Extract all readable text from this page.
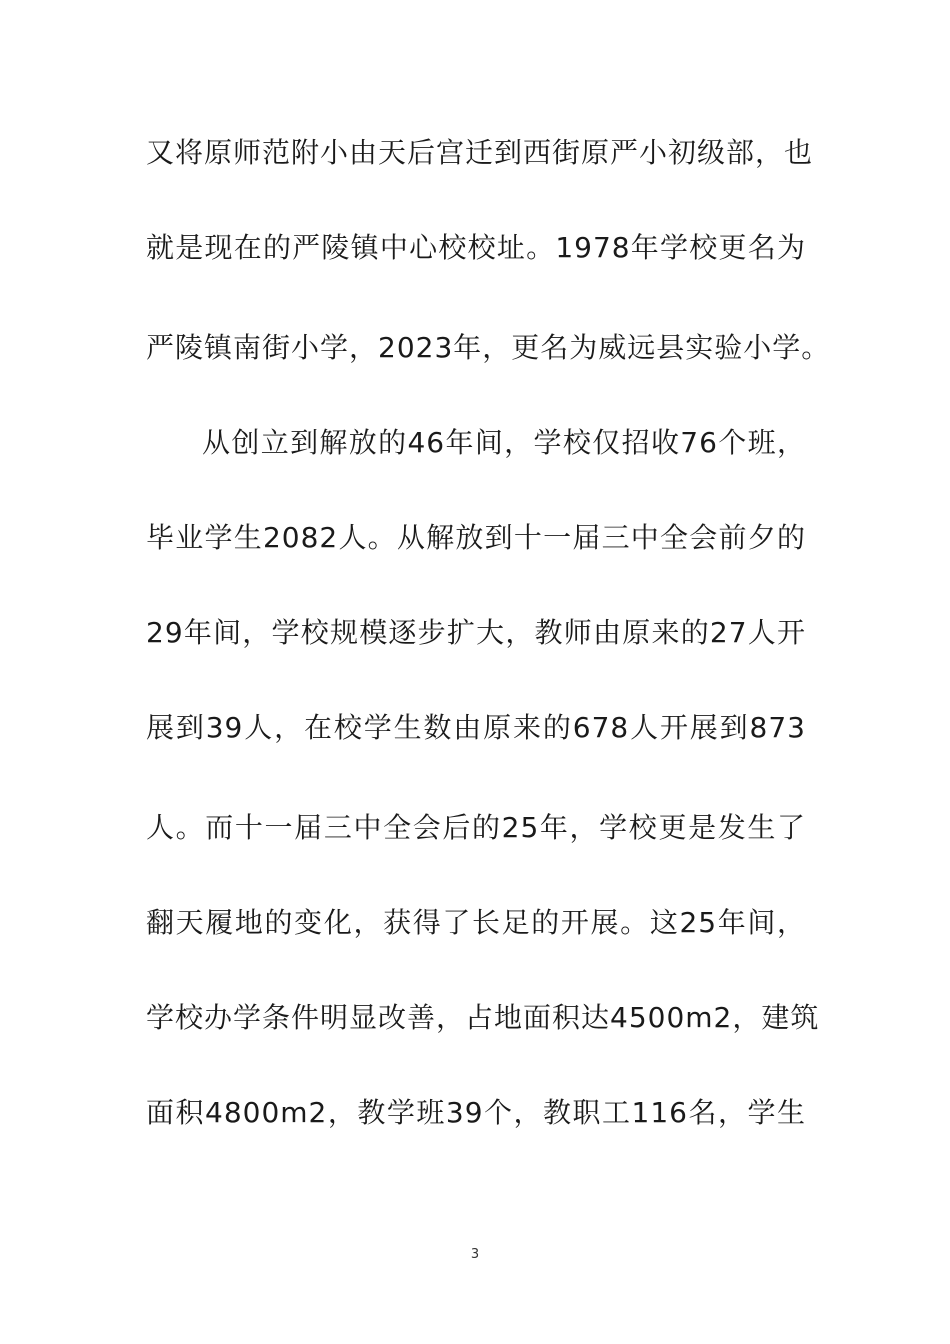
又将原师范附小由天后宫迁到西街原严小初级部，也
就是现在的严陵镇中心校校址。1978年学校更名为
严陵镇南街小学，2023年，更名为威远县实验小学。
从创立到解放的46年间，学校仅招收76个班，
毕业学生2082人。从解放到十一届三中全会前夕的
29年间，学校规模逐步扩大，教师由原来的27人开
展到39人，在校学生数由原来的678人开展到873
人。而十一届三中全会后的25年，学校更是发生了
翻天履地的变化，获得了长足的开展。这25年间，
学校办学条件明显改善，占地面积达4500m2，建筑
面积4800m2，教学班39个，教职工116名，学生
3
